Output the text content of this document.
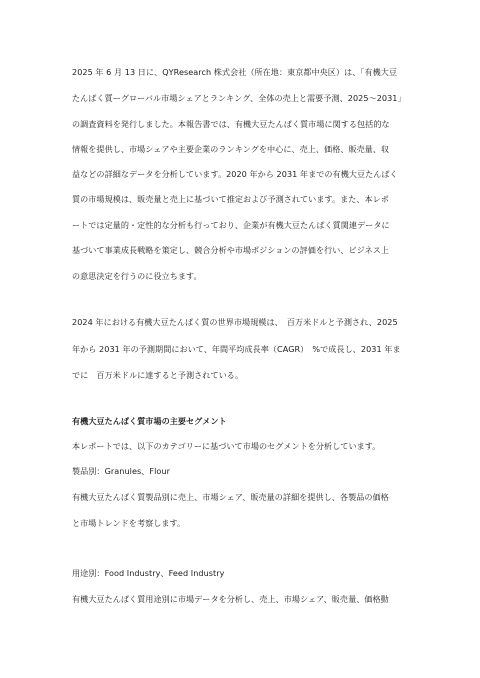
2025 年 6 月 13 日に、QYResearch 株式会社（所在地：東京都中央区）は、「有機大豆
たんぱく質ーグローバル市場シェアとランキング、全体の売上と需要予測、2025〜2031」
の調査資料を発行しました。本報告書では、有機大豆たんぱく質市場に関する包括的な
情報を提供し、市場シェアや主要企業のランキングを中心に、売上、価格、販売量、収
益などの詳細なデータを分析しています。2020 年から 2031 年までの有機大豆たんぱく
質の市場規模は、販売量と売上に基づいて推定および予測されています。また、本レポ
ートでは定量的・定性的な分析も行っており、企業が有機大豆たんぱく質関連データに
基づいて事業成長戦略を策定し、競合分析や市場ポジションの評価を行い、ビジネス上
の意思決定を行うのに役立ちます。
2024 年における有機大豆たんぱく質の世界市場規模は、　百万米ドルと予測され、2025
年から 2031 年の予測期間において、年間平均成長率（CAGR）　%で成長し、2031 年ま
でに　百万米ドルに達すると予測されている。
有機大豆たんぱく質市場の主要セグメント
本レポートでは、以下のカテゴリーに基づいて市場のセグメントを分析しています。
製品別：Granules、Flour
有機大豆たんぱく質製品別に売上、市場シェア、販売量の詳細を提供し、各製品の価格
と市場トレンドを考察します。
用途別：Food Industry、Feed Industry
有機大豆たんぱく質用途別に市場データを分析し、売上、市場シェア、販売量、価格動
